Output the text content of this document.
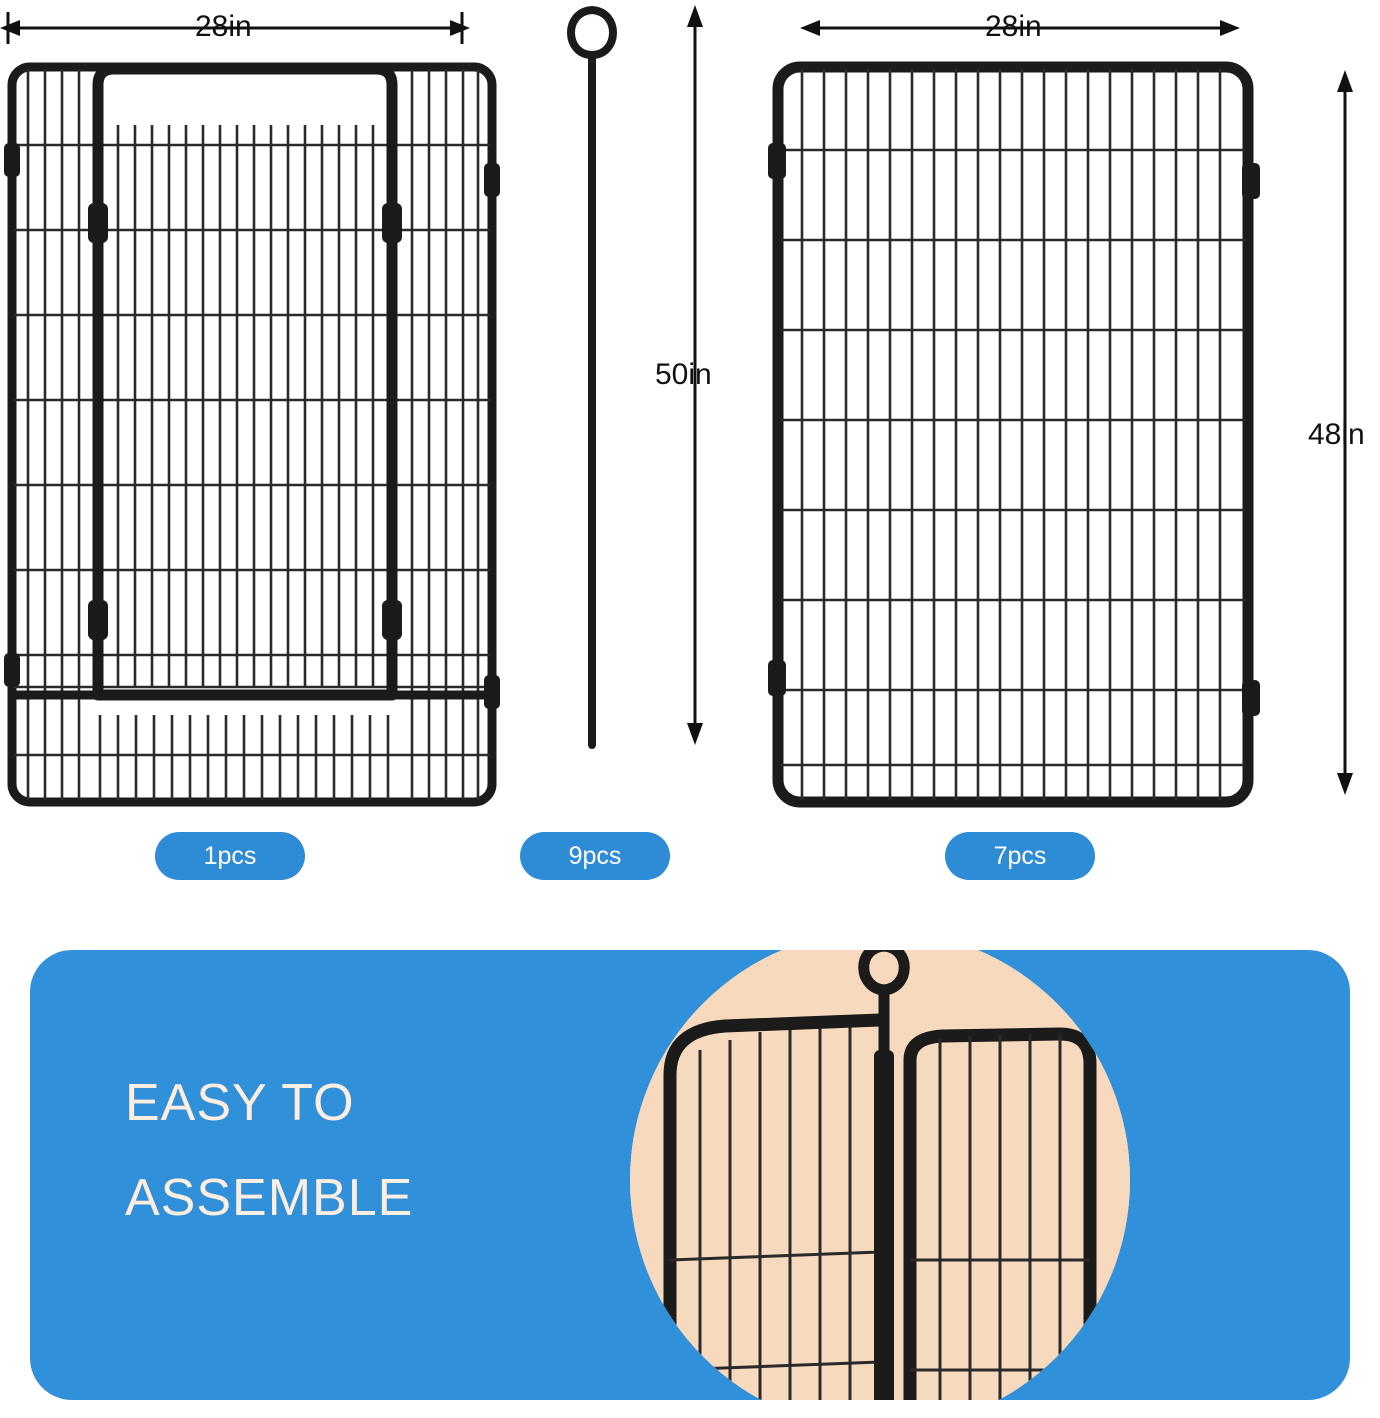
28in	28in
50in
48in
1pcs	9pcs	7pcs
EASY TO
ASSEMBLE
